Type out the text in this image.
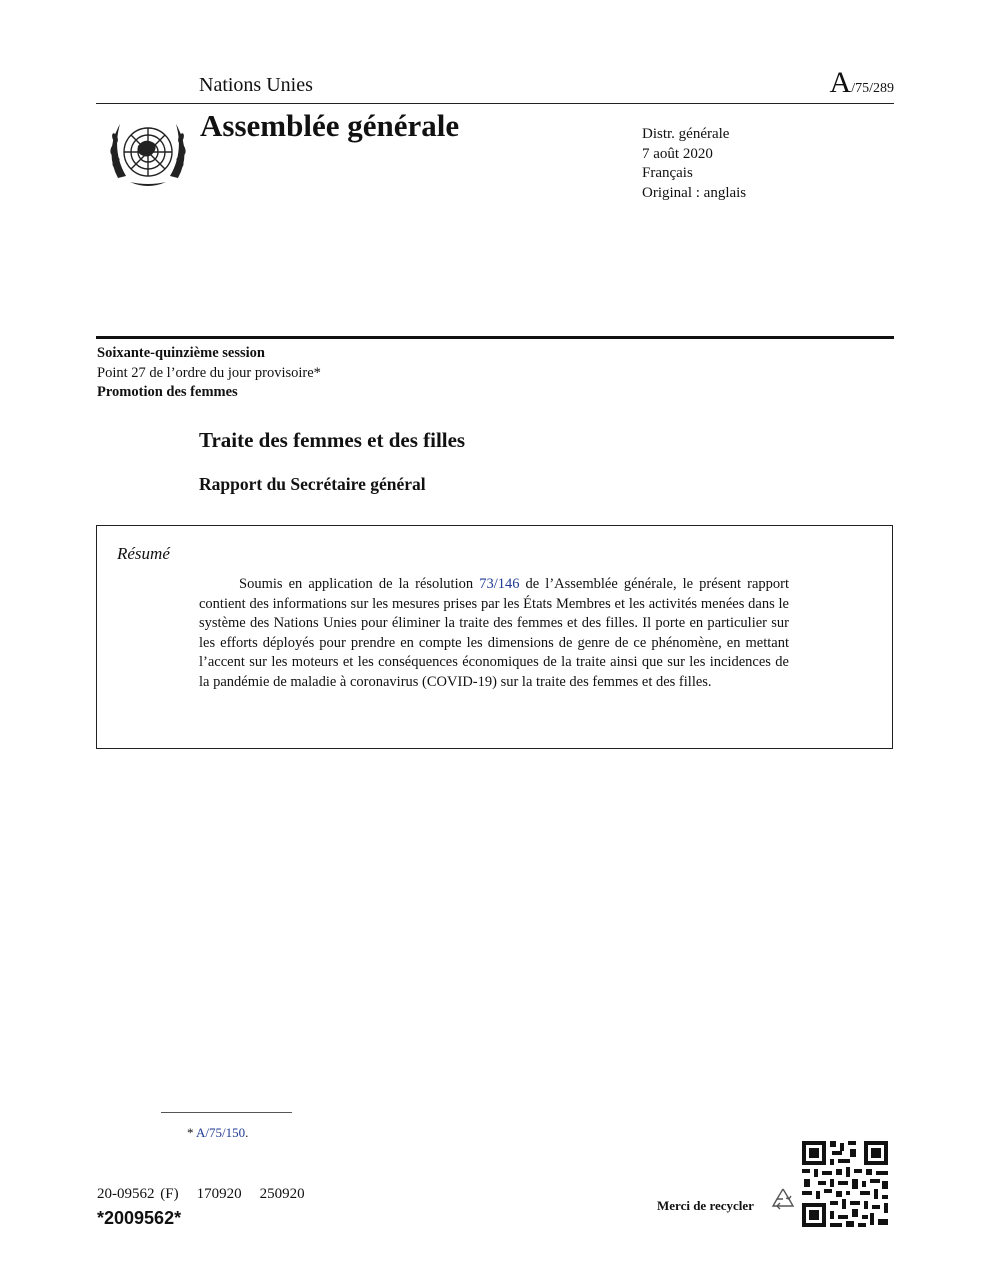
Nations Unies	A/75/289
Assemblée générale	Distr. générale
7 août 2020
Français
Original : anglais
Soixante-quinzième session
Point 27 de l’ordre du jour provisoire*
Promotion des femmes
Traite des femmes et des filles
Rapport du Secrétaire général
Résumé
Soumis en application de la résolution 73/146 de l’Assemblée générale, le présent rapport contient des informations sur les mesures prises par les États Membres et les activités menées dans le système des Nations Unies pour éliminer la traite des femmes et des filles. Il porte en particulier sur les efforts déployés pour prendre en compte les dimensions de genre de ce phénomène, en mettant l’accent sur les moteurs et les conséquences économiques de la traite ainsi que sur les incidences de la pandémie de maladie à coronavirus (COVID-19) sur la traite des femmes et des filles.
* A/75/150.
20-09562 (F) 170920 250920
*2009562*
Merci de recycler
